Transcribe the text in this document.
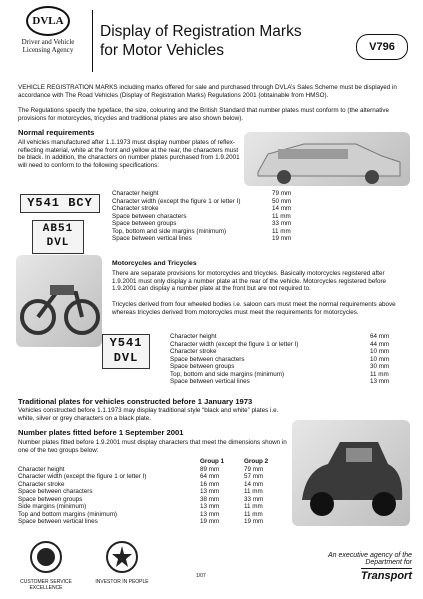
DVLA
Driver and Vehicle
Licensing Agency
Display of Registration Marks
for Motor Vehicles	V796
VEHICLE REGISTRATION MARKS including marks offered for sale and purchased through DVLA’s Sales Scheme must be displayed in accordance with The Road Vehicles (Display of Registration Marks) Regulations 2001 (obtainable from HMSO).
The Regulations specify the typeface, the size, colouring and the British Standard that number plates must conform to (the alternative provisions for motorcycles, tricycles and traditional plates are also shown below).
Normal requirements
All vehicles manufactured after 1.1.1973 must display number plates of reflex-reflecting material, white at the front and yellow at the rear, the characters must be black. In addition, the characters on number plates purchased from 1.9.2001 will need to conform to the following specifications:
Y541 BCY
AB51
DVL
Character height	79 mm
Character width (except the figure 1 or letter I)	50 mm
Character stroke	14 mm
Space between characters	11 mm
Space between groups	33 mm
Top, bottom and side margins (minimum)	11 mm
Space between vertical lines	19 mm
Motorcycles and Tricycles
There are separate provisions for motorcycles and tricycles. Basically motorcycles registered after 1.9.2001 must only display a number plate at the rear of the vehicle. Motorcycles registered before 1.9.2001 can display a number plate at the front but are not required to.
Tricycles derived from four wheeled bodies i.e. saloon cars must meet the normal requirements above whereas tricycles derived from motorcycles must meet the requirements for motorcycles.
Y541
DVL
Character height	64 mm
Character width (except the figure 1 or letter I)	44 mm
Character stroke	10 mm
Space between characters	10 mm
Space between groups	30 mm
Top, bottom and side margins (minimum)	11 mm
Space between vertical lines	13 mm
Traditional plates for vehicles constructed before 1 January 1973
Vehicles constructed before 1.1.1973 may display traditional style “black and white” plates i.e. white, silver or grey characters on a black plate.
Number plates fitted before 1 September 2001
Number plates fitted before 1.9.2001 must display characters that meet the dimensions shown in one of the two groups below:
Group 1	Group 2
Character height	89 mm	79 mm
Character width (except the figure 1 or letter I)	64 mm	57 mm
Character stroke	16 mm	14 mm
Space between characters	13 mm	11 mm
Space between groups	38 mm	33 mm
Side margins (minimum)	13 mm	11 mm
Top and bottom margins (minimum)	13 mm	11 mm
Space between vertical lines	19 mm	19 mm
CUSTOMER SERVICE EXCELLENCE
INVESTOR IN PEOPLE
1/07
An executive agency of the
Department for
Transport
